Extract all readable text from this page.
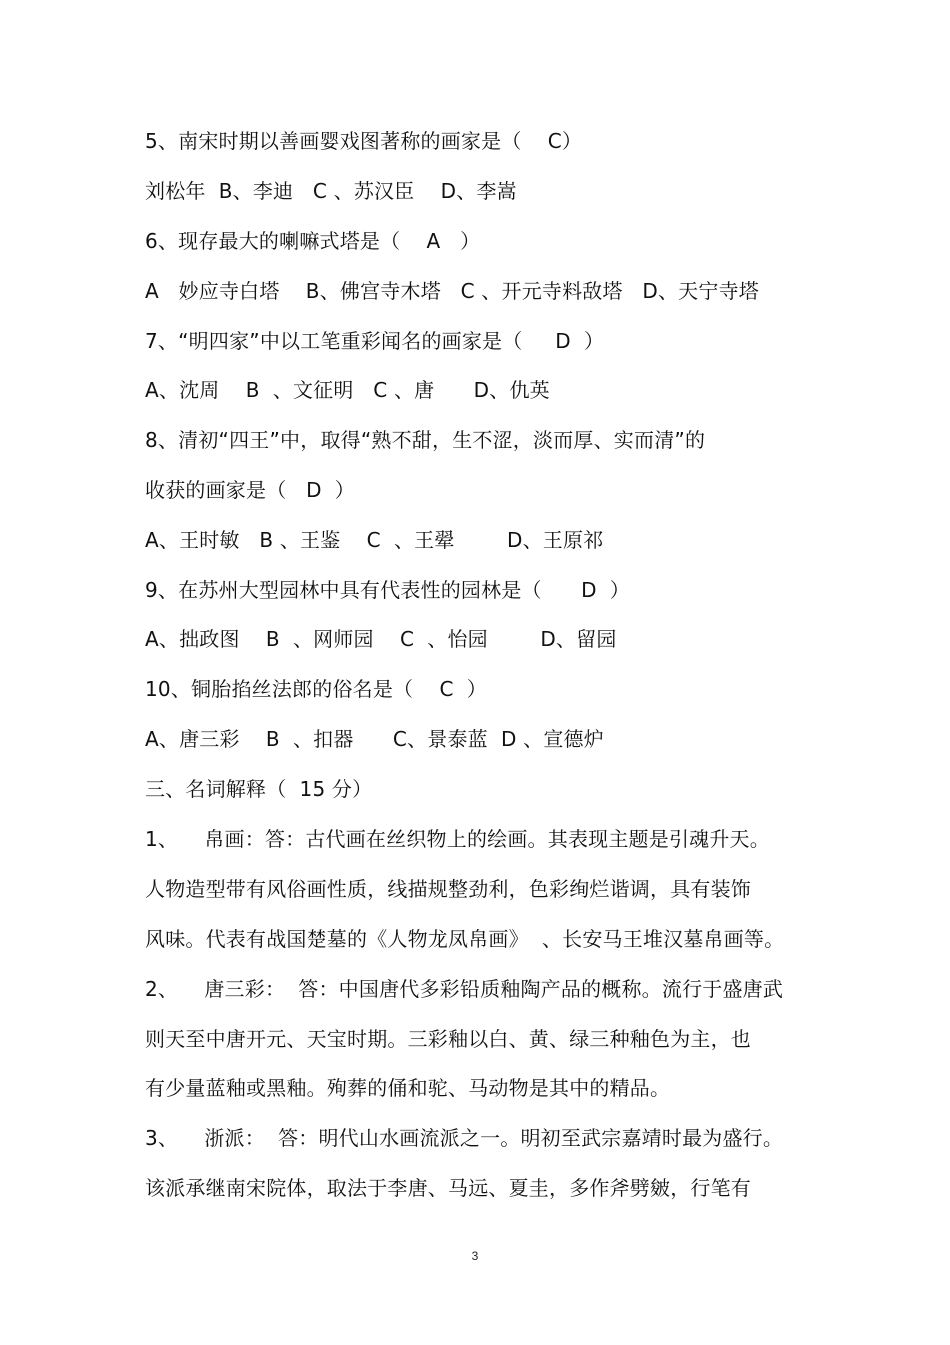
5、南宋时期以善画婴戏图著称的画家是（    C）
刘松年  B、李迪   C 、苏汉臣    D、李嵩
6、现存最大的喇嘛式塔是（    A   ）
A   妙应寺白塔    B、佛宫寺木塔   C 、开元寺料敌塔   D、天宁寺塔
7、“明四家”中以工笔重彩闻名的画家是（     D  ）
A、沈周    B  、文征明   C 、唐      D、仇英
8、清初“四王”中，取得“熟不甜，生不涩，淡而厚、实而清”的
收获的画家是（   D  ）
A、王时敏   B 、王鉴    C  、王翚        D、王原祁
9、在苏州大型园林中具有代表性的园林是（      D  ）
A、拙政图    B  、网师园    C  、怡园        D、留园
10、铜胎掐丝法郎的俗名是（    C  ）
A、唐三彩    B  、扣器      C、景泰蓝  D 、宣德炉
三、名词解释（  15 分）
1、    帛画：答：古代画在丝织物上的绘画。其表现主题是引魂升天。
人物造型带有风俗画性质，线描规整劲利，色彩绚烂谐调，具有装饰
风味。代表有战国楚墓的《人物龙凤帛画》  、长安马王堆汉墓帛画等。
2、    唐三彩：  答：中国唐代多彩铅质釉陶产品的概称。流行于盛唐武
则天至中唐开元、天宝时期。三彩釉以白、黄、绿三种釉色为主，也
有少量蓝釉或黑釉。殉葬的俑和驼、马动物是其中的精品。
3、    浙派：  答：明代山水画流派之一。明初至武宗嘉靖时最为盛行。
该派承继南宋院体，取法于李唐、马远、夏圭，多作斧劈皴，行笔有
3
